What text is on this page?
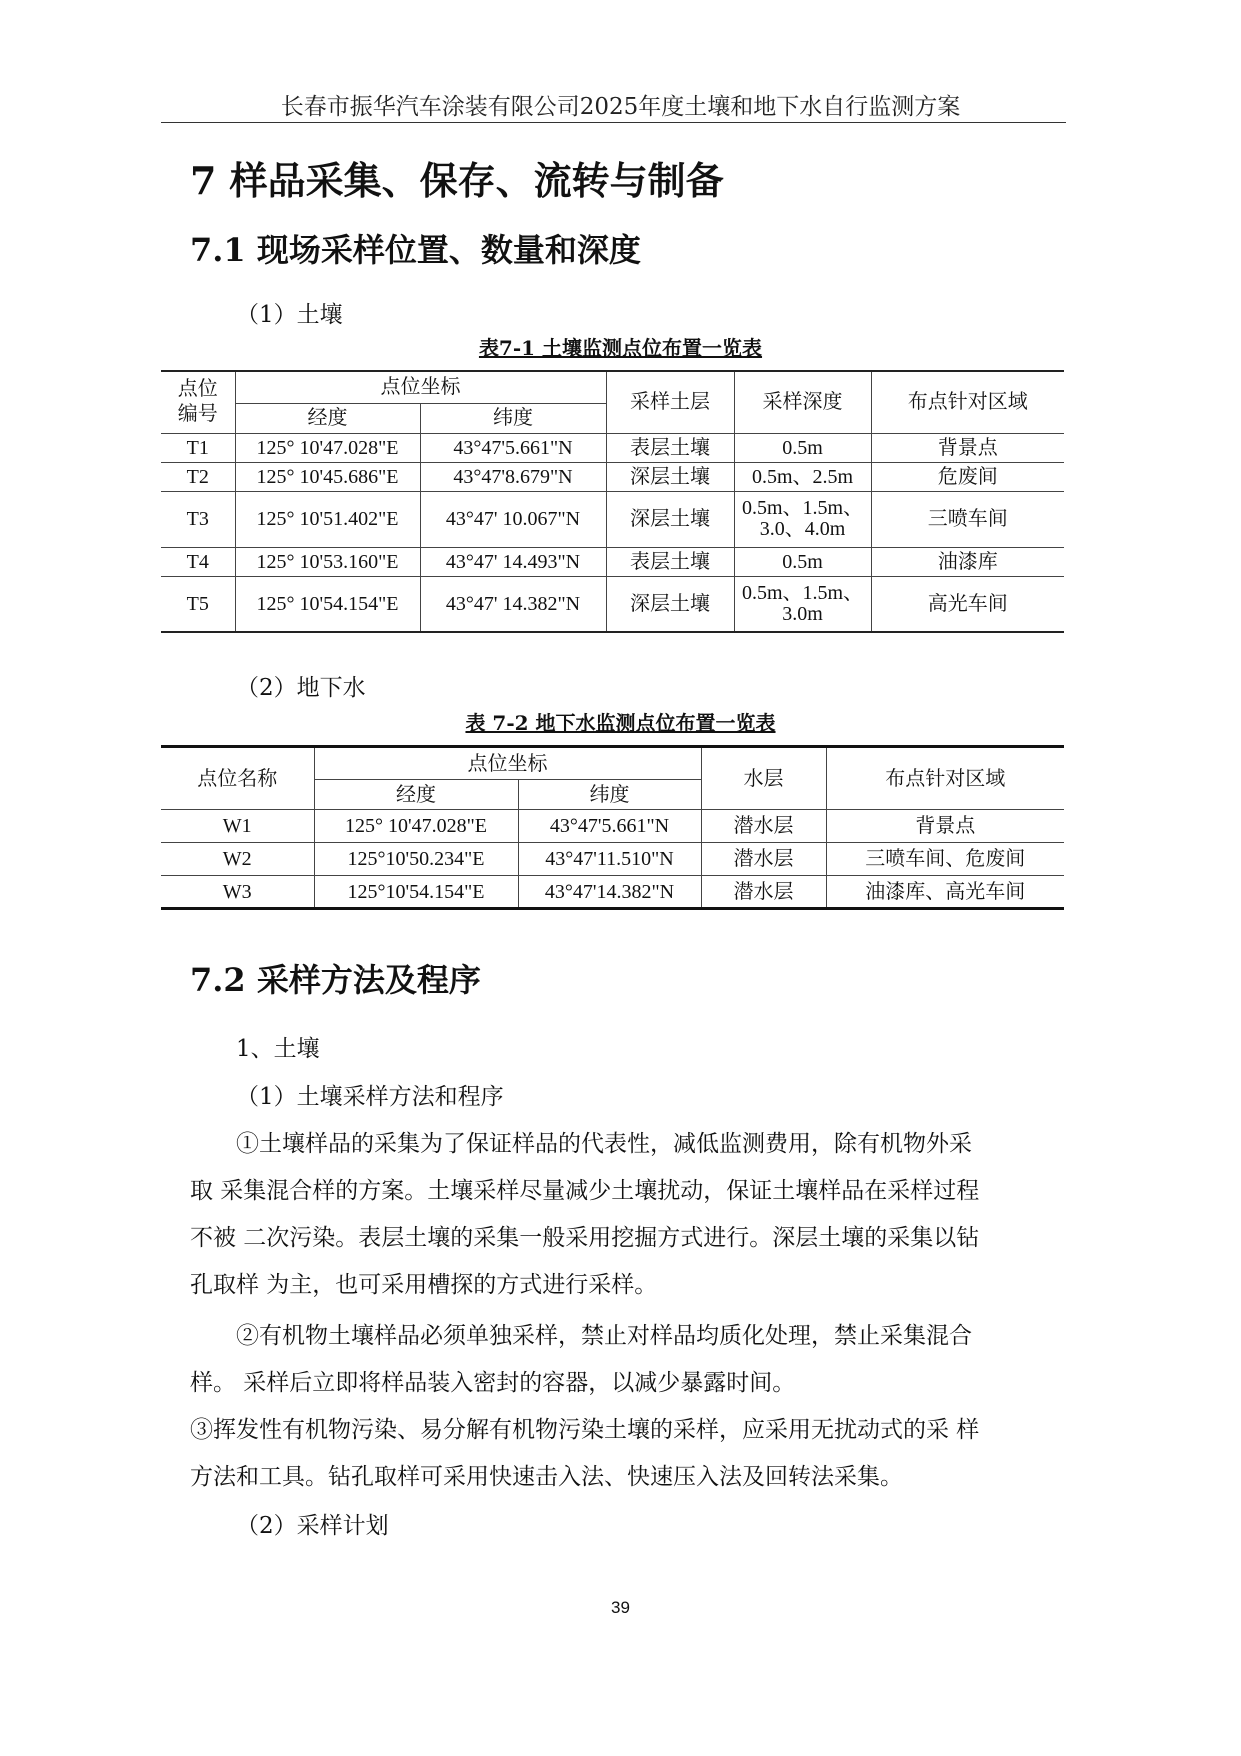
长春市振华汽车涂装有限公司2025年度土壤和地下水自行监测方案
7 样品采集、保存、流转与制备
7.1 现场采样位置、数量和深度
（1）土壤
表7-1 土壤监测点位布置一览表
点位编号	点位坐标		采样土层	采样深度	布点针对区域
	经度	纬度			
T1	125° 10'47.028"E	43°47'5.661"N	表层土壤	0.5m	背景点
T2	125° 10'45.686"E	43°47'8.679"N	深层土壤	0.5m、2.5m	危废间
T3	125° 10'51.402"E	43°47' 10.067"N	深层土壤	0.5m、1.5m、3.0、4.0m	三喷车间
T4	125° 10'53.160"E	43°47' 14.493"N	表层土壤	0.5m	油漆库
T5	125° 10'54.154"E	43°47' 14.382"N	深层土壤	0.5m、1.5m、3.0m	高光车间
（2）地下水
表 7-2 地下水监测点位布置一览表
点位名称	点位坐标		水层	布点针对区域
	经度	纬度		
W1	125° 10'47.028"E	43°47'5.661"N	潜水层	背景点
W2	125°10'50.234"E	43°47'11.510"N	潜水层	三喷车间、危废间
W3	125°10'54.154"E	43°47'14.382"N	潜水层	油漆库、高光车间
7.2 采样方法及程序
1、土壤
（1）土壤采样方法和程序
①土壤样品的采集为了保证样品的代表性，减低监测费用，除有机物外采
取 采集混合样的方案。土壤采样尽量减少土壤扰动，保证土壤样品在采样过程
不被 二次污染。表层土壤的采集一般采用挖掘方式进行。深层土壤的采集以钻
孔取样 为主，也可采用槽探的方式进行采样。
②有机物土壤样品必须单独采样，禁止对样品均质化处理，禁止采集混合
样。 采样后立即将样品装入密封的容器，以减少暴露时间。
③挥发性有机物污染、易分解有机物污染土壤的采样，应采用无扰动式的采 样
方法和工具。钻孔取样可采用快速击入法、快速压入法及回转法采集。
（2）采样计划
39
